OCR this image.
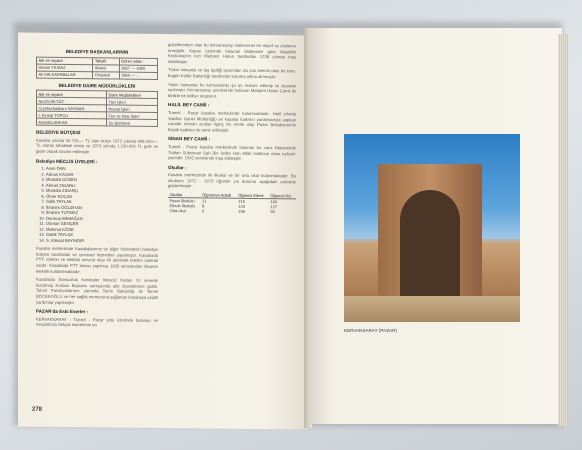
BELEDİYE BAŞKANLARININ
Adı ve soyadı	Tahsili	Görev yılları
Hasan YILMAZ	Ilkokul	1957 — 1960
Ali SALKARABALAR	Ortaokul	1960 — ...
BELEDİYE DAİRE MÜDÜRLÜKLERİ
Adı ve soyadı	Daire Müdürlükleri
Nezihi AKYÜZ	Yazı İşleri
Cumhurbaşkanı SAYMAN	Hesap İşleri
İ. Kemal TOPÇU	Fen ve İmar İşleri
Mustafa ANKAN	Su İşletmesi
BELEDİYE BÜTÇESİ

Kasaba yılında 50.726,— TL olan bütçe 1972 yılında 908.000,— TL olarak tahakkuk etmiş ve 1973 yılında 1.150.000 TL gelir ve gider olarak tanzim edilmiştir.

Belediye MECLİS ÜYELERİ :
1. Asım DAN
2. Adnan KASAR
3. Mustafa GÖZEN
4. Ahmet ZIGARLI
5. Mustafa ZIGARLI
6. Ömer KOÇAK
7. Salih TAYLAK
8. İbrahim OĞUZHAN
9. İbrahim TUTMAZ
10. Durmuş ARMAĞAN
11. Osman GENÇER
12. Mahmut KÖSE
13. Sadık TAYLAK
14. S. Köksal BAYINDIR

Kasaba merkezinde Kasabalarımız ve diğer hizmetlerin belediye bütçesi tarafından ve çevresel hizmetleri yapılmıştır. Kasabada PTT, telefon ve elektrik mevcut olup 40 abonelik telefon santrali vardır. Kasabada PTT binası yapılmış 1935 senesinden itibaren elektrik kullanılmaktadır.

Kasabada Sonsuzluk Kardeşler Mescid Hatası 10 senede kurulmuş Kurban Bayramı sonrasında aile ziyaretlerine gidilir. Tahsil Pansiyonlarının yanında Tarım Bakanlığı ile Temel BÖCEKOĞLU ve her sağlık memuruna sağlanan kasabaya çeşitli yardımlar yapılmıştır.

PAZAR'da Eski Eserler :

KERVANSARAY : Tumeli - Pazar yolu üzerinde bulunan ve Anadolu'da Selçuk eserlerinin en

güzellerinden olan bu kervansaray mükemmel bir rölyef ve süsleme örneğidir. Kapısı üzerinde bulunan kitabesine göre Alâaddin Keykubad'ın kızı Mahperi Hatun tarafından 1238 yılında inşa ettirilmiştir.

Türbe mimarisi ve taş işçiliği açısından da çok önemli olan bu eser, bugün Kültür Bakanlığı tarafından koruma altına alınmıştır.

Yakın zamanda bu kervansaray şu an restore edilmiş ve ziyarete açılmıştır. Kervansaray, çevresinde bulunan Mahperi Hatun Camii ile birlikte bir külliye oluşturur.

HALİL BEY CAMİİ :

Tumeli - Pazar kasaba merkezinde bulunmaktadır. Halil yılında Vakıflar Genel Müdürlüğü ve kasaba halkının yardımlarıyla yapılan camide mimari açıdan ilginç bir örnek olup Pazar Belediyesi'nin büyük katkıları ile tamir edilmiştir.

SİNAN BEY CAMİİ :

Tumeli - Pazar kasaba merkezinde bulunan bu cami kitabesinde 'Sultan Süleyman Şah Bin Selim Han Allah mülkünü daim eylesin' yazılıdır. 1542 senesinde inşa edilmiştir.

Okullar :

Kasaba merkezinde iki ilkokul ve bir orta okul bulunmaktadır. Bu okulların 1972 - 1973 öğretim yılı durumu aşağıdaki cetvelde gösterilmiştir :

Okullar	Öğretmen Adedi	Öğrenci Erkek	Öğrenci Kız
Pazar İlkokulu	11	215	160
Elmalı İlkokulu	8	143	127
Orta okul	6	196	55
278
KERVANSARAY (PAZAR)
